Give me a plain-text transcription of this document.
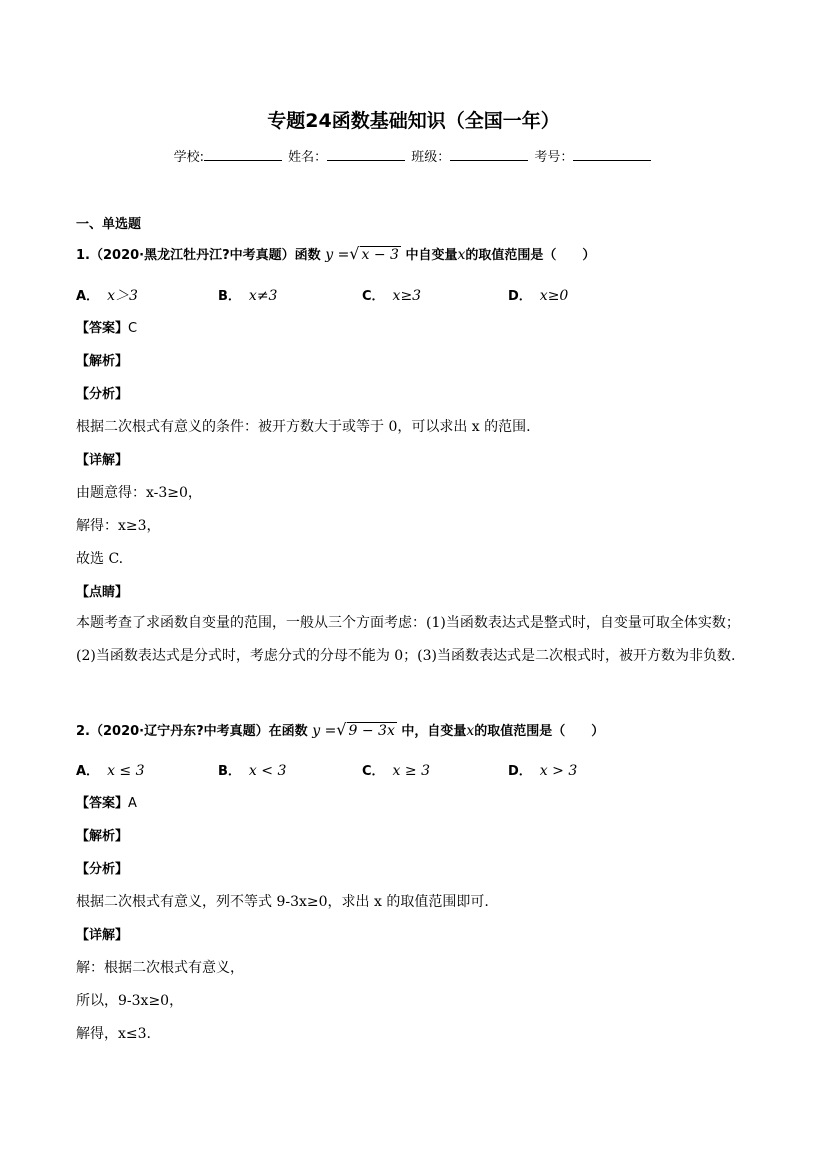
专题24函数基础知识（全国一年）
学校:	姓名：	班级：	考号：
一、单选题
1.（2020·黑龙江牡丹江?中考真题）函数 y =√ x − 3 中自变量x的取值范围是（　　）
A． x＞3	B． x≠3	C． x≥3	D． x≥0
【答案】C
【解析】
【分析】
根据二次根式有意义的条件：被开方数大于或等于 0，可以求出 x 的范围.
【详解】
由题意得：x-3≥0，
解得：x≥3，
故选 C.
【点睛】
本题考查了求函数自变量的范围，一般从三个方面考虑：(1)当函数表达式是整式时，自变量可取全体实数；(2)当函数表达式是分式时，考虑分式的分母不能为 0；(3)当函数表达式是二次根式时，被开方数为非负数.
2.（2020·辽宁丹东?中考真题）在函数 y =√ 9 − 3x 中，自变量x的取值范围是（　　）
A． x ≤ 3	B． x < 3	C． x ≥ 3	D． x > 3
【答案】A
【解析】
【分析】
根据二次根式有意义，列不等式 9-3x≥0，求出 x 的取值范围即可.
【详解】
解：根据二次根式有意义，
所以，9-3x≥0，
解得，x≤3.
